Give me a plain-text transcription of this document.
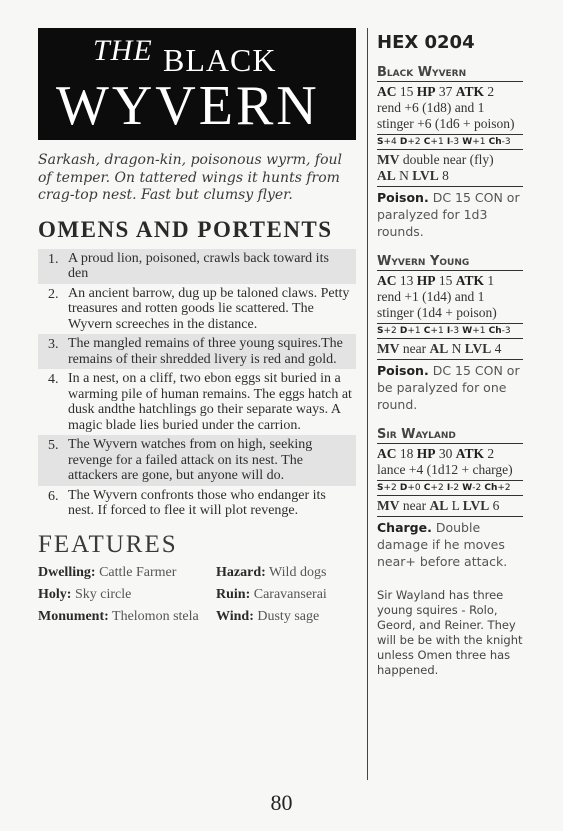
THE BLACK
WYVERN

Sarkash, dragon-kin, poisonous wyrm, foul of temper. On tattered wings it hunts from crag-top nest. Fast but clumsy flyer.

OMENS AND PORTENTS
1. A proud lion, poisoned, crawls back toward its den
2. An ancient barrow, dug up be taloned claws. Petty treasures and rotten goods lie scattered. The Wyvern screeches in the distance.
3. The mangled remains of three young squires.The remains of their shredded livery is red and gold.
4. In a nest, on a cliff, two ebon eggs sit buried in a warming pile of human remains. The eggs hatch at dusk andthe hatchlings go their separate ways. A magic blade lies buried under the carrion.
5. The Wyvern watches from on high, seeking revenge for a failed attack on its nest. The attackers are gone, but anyone will do.
6. The Wyvern confronts those who endanger its nest. If forced to flee it will plot revenge.
FEATURES
Dwelling: Cattle Farmer	Hazard: Wild dogs
Holy: Sky circle	Ruin: Caravanserai
Monument: Thelomon stela	Wind: Dusty sage
HEX 0204
Black Wyvern
AC 15 HP 37 ATK 2
rend +6 (1d8) and 1 stinger +6 (1d6 + poison)
S+4 D+2 C+1 I-3 W+1 Ch-3
MV double near (fly)
AL N LVL 8
Poison. DC 15 CON or paralyzed for 1d3 rounds.
Wyvern Young
AC 13 HP 15 ATK 1
rend +1 (1d4) and 1 stinger (1d4 + poison)
S+2 D+1 C+1 I-3 W+1 Ch-3
MV near AL N LVL 4
Poison. DC 15 CON or be paralyzed for one round.
Sir Wayland
AC 18 HP 30 ATK 2
lance +4 (1d12 + charge)
S+2 D+0 C+2 I-2 W-2 Ch+2
MV near AL L LVL 6
Charge. Double damage if he moves near+ before attack.
Sir Wayland has three young squires - Rolo, Geord, and Reiner. They will be be with the knight unless Omen three has happened.
80
